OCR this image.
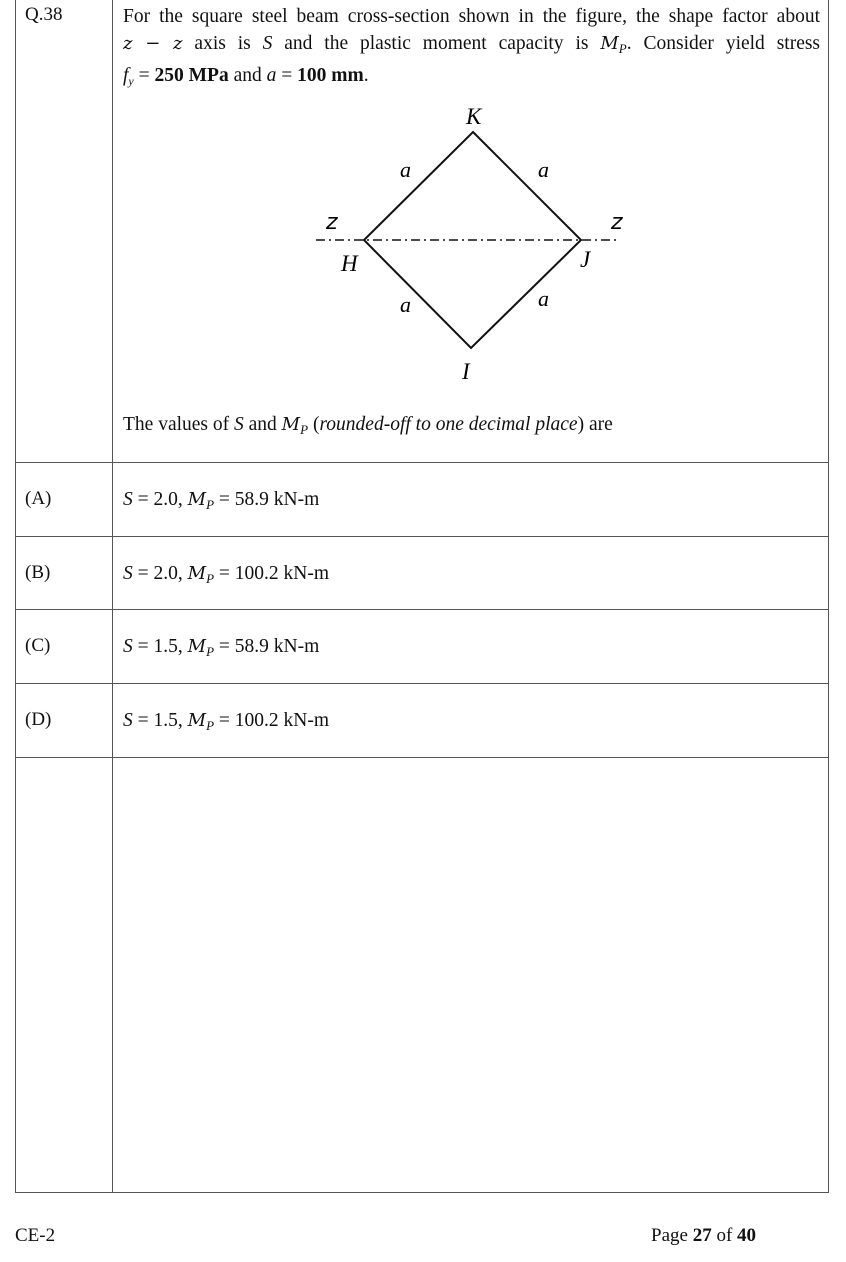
Q.38	For the square steel beam cross-section shown in the figure, the shape factor about
z − z axis is S and the plastic moment capacity is $M_P$. Consider yield stress
$f_y = 250$ MPa and a = 100 mm.
K
H	J
I
a	a
a	a
z	z
The values of S and $M_P$ (rounded-off to one decimal place) are
(A)	S = 2.0, $M_P = 58.9$ kN-m
(B)	S = 2.0, $M_P = 100.2$ kN-m
(C)	S = 1.5, $M_P = 58.9$ kN-m
(D)	S = 1.5, $M_P = 100.2$ kN-m
CE-2	Page 27 of 40
